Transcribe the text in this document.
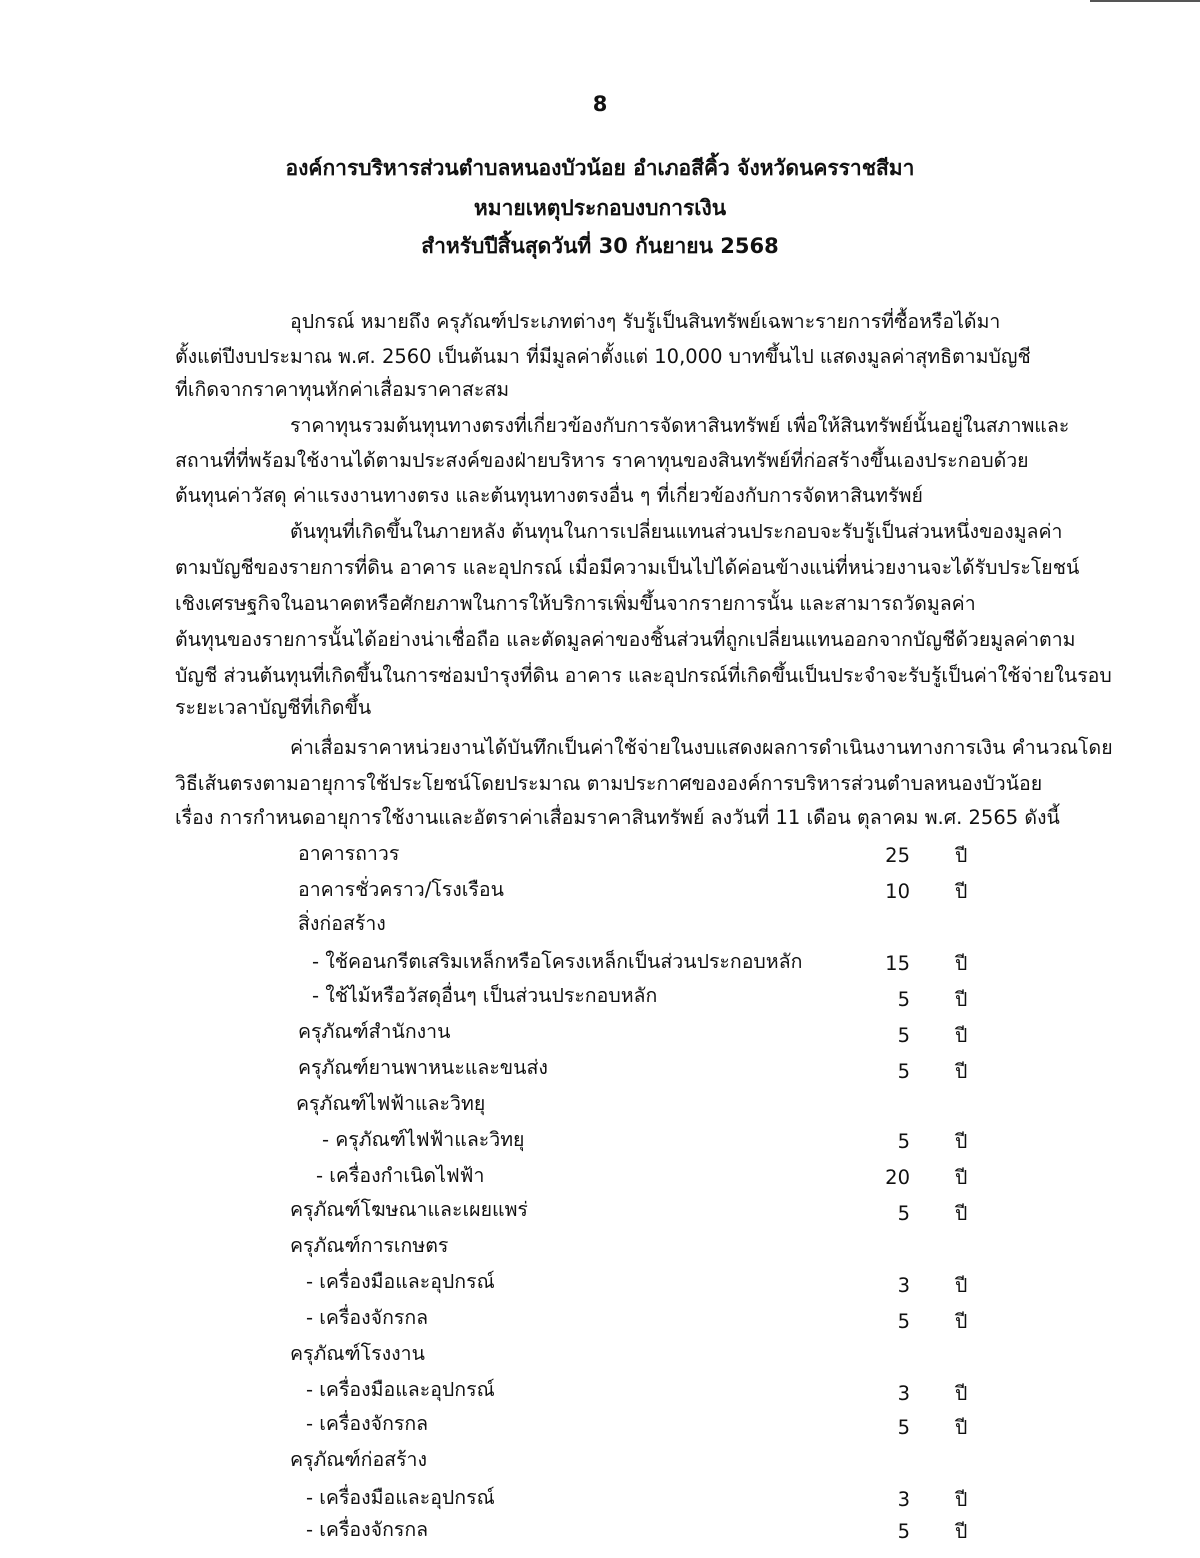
8
องค์การบริหารส่วนตำบลหนองบัวน้อย อำเภอสีคิ้ว จังหวัดนครราชสีมา
หมายเหตุประกอบงบการเงิน
สำหรับปีสิ้นสุดวันที่ 30 กันยายน 2568
อุปกรณ์ หมายถึง ครุภัณฑ์ประเภทต่างๆ รับรู้เป็นสินทรัพย์เฉพาะรายการที่ซื้อหรือได้มา
ตั้งแต่ปีงบประมาณ พ.ศ. 2560 เป็นต้นมา ที่มีมูลค่าตั้งแต่ 10,000 บาทขึ้นไป แสดงมูลค่าสุทธิตามบัญชี
ที่เกิดจากราคาทุนหักค่าเสื่อมราคาสะสม
ราคาทุนรวมต้นทุนทางตรงที่เกี่ยวข้องกับการจัดหาสินทรัพย์ เพื่อให้สินทรัพย์นั้นอยู่ในสภาพและ
สถานที่ที่พร้อมใช้งานได้ตามประสงค์ของฝ่ายบริหาร ราคาทุนของสินทรัพย์ที่ก่อสร้างขึ้นเองประกอบด้วย
ต้นทุนค่าวัสดุ ค่าแรงงานทางตรง และต้นทุนทางตรงอื่น ๆ ที่เกี่ยวข้องกับการจัดหาสินทรัพย์
ต้นทุนที่เกิดขึ้นในภายหลัง ต้นทุนในการเปลี่ยนแทนส่วนประกอบจะรับรู้เป็นส่วนหนึ่งของมูลค่า
ตามบัญชีของรายการที่ดิน อาคาร และอุปกรณ์ เมื่อมีความเป็นไปได้ค่อนข้างแน่ที่หน่วยงานจะได้รับประโยชน์
เชิงเศรษฐกิจในอนาคตหรือศักยภาพในการให้บริการเพิ่มขึ้นจากรายการนั้น และสามารถวัดมูลค่า
ต้นทุนของรายการนั้นได้อย่างน่าเชื่อถือ และตัดมูลค่าของชิ้นส่วนที่ถูกเปลี่ยนแทนออกจากบัญชีด้วยมูลค่าตาม
บัญชี ส่วนต้นทุนที่เกิดขึ้นในการซ่อมบำรุงที่ดิน อาคาร และอุปกรณ์ที่เกิดขึ้นเป็นประจำจะรับรู้เป็นค่าใช้จ่ายในรอบ
ระยะเวลาบัญชีที่เกิดขึ้น
ค่าเสื่อมราคาหน่วยงานได้บันทึกเป็นค่าใช้จ่ายในงบแสดงผลการดำเนินงานทางการเงิน คำนวณโดย
วิธีเส้นตรงตามอายุการใช้ประโยชน์โดยประมาณ ตามประกาศขององค์การบริหารส่วนตำบลหนองบัวน้อย
เรื่อง การกำหนดอายุการใช้งานและอัตราค่าเสื่อมราคาสินทรัพย์ ลงวันที่ 11 เดือน ตุลาคม พ.ศ. 2565 ดังนี้
อาคารถาวร	25 ปี
อาคารชั่วคราว/โรงเรือน	10 ปี
สิ่งก่อสร้าง
- ใช้คอนกรีตเสริมเหล็กหรือโครงเหล็กเป็นส่วนประกอบหลัก	15 ปี
- ใช้ไม้หรือวัสดุอื่นๆ เป็นส่วนประกอบหลัก	5 ปี
ครุภัณฑ์สำนักงาน	5 ปี
ครุภัณฑ์ยานพาหนะและขนส่ง	5 ปี
ครุภัณฑ์ไฟฟ้าและวิทยุ
- ครุภัณฑ์ไฟฟ้าและวิทยุ	5 ปี
- เครื่องกำเนิดไฟฟ้า	20 ปี
ครุภัณฑ์โฆษณาและเผยแพร่	5 ปี
ครุภัณฑ์การเกษตร
- เครื่องมือและอุปกรณ์	3 ปี
- เครื่องจักรกล	5 ปี
ครุภัณฑ์โรงงาน
- เครื่องมือและอุปกรณ์	3 ปี
- เครื่องจักรกล	5 ปี
ครุภัณฑ์ก่อสร้าง
- เครื่องมือและอุปกรณ์	3 ปี
- เครื่องจักรกล	5 ปี
